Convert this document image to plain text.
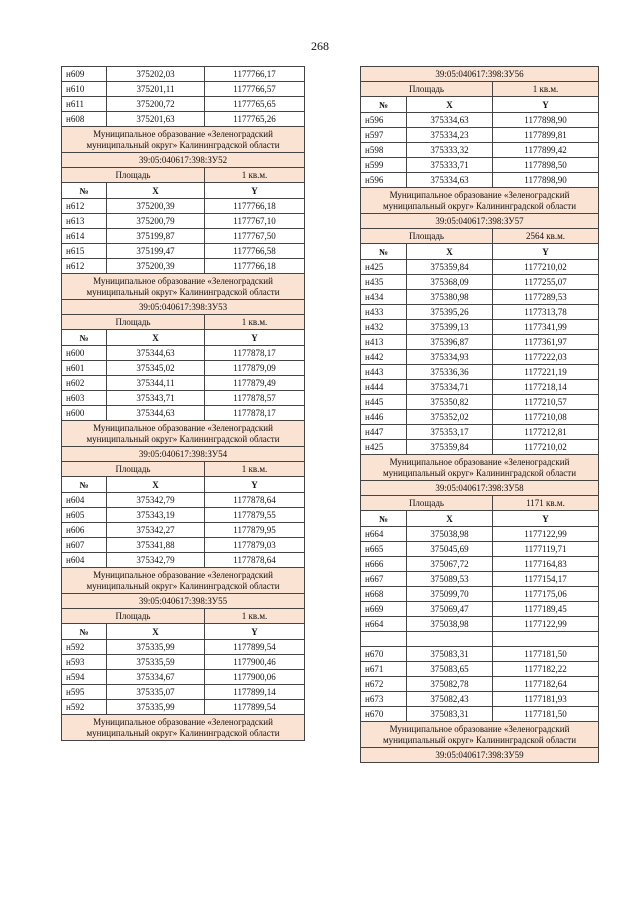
268
н609	375202,03	1177766,17
н610	375201,11	1177766,57
н611	375200,72	1177765,65
н608	375201,63	1177765,26
Муниципальное образование «Зеленоградский муниципальный округ» Калининградской области		
39:05:040617:398:ЗУ52		
Площадь		1 кв.м.
№	X	Y
н612	375200,39	1177766,18
н613	375200,79	1177767,10
н614	375199,87	1177767,50
н615	375199,47	1177766,58
н612	375200,39	1177766,18
Муниципальное образование «Зеленоградский муниципальный округ» Калининградской области		
39:05:040617:398:ЗУ53		
Площадь		1 кв.м.
№	X	Y
н600	375344,63	1177878,17
н601	375345,02	1177879,09
н602	375344,11	1177879,49
н603	375343,71	1177878,57
н600	375344,63	1177878,17
Муниципальное образование «Зеленоградский муниципальный округ» Калининградской области		
39:05:040617:398:ЗУ54		
Площадь		1 кв.м.
№	X	Y
н604	375342,79	1177878,64
н605	375343,19	1177879,55
н606	375342,27	1177879,95
н607	375341,88	1177879,03
н604	375342,79	1177878,64
Муниципальное образование «Зеленоградский муниципальный округ» Калининградской области		
39:05:040617:398:ЗУ55		
Площадь		1 кв.м.
№	X	Y
н592	375335,99	1177899,54
н593	375335,59	1177900,46
н594	375334,67	1177900,06
н595	375335,07	1177899,14
н592	375335,99	1177899,54
Муниципальное образование «Зеленоградский муниципальный округ» Калининградской области		
39:05:040617:398:ЗУ56		
Площадь		1 кв.м.
№	X	Y
н596	375334,63	1177898,90
н597	375334,23	1177899,81
н598	375333,32	1177899,42
н599	375333,71	1177898,50
н596	375334,63	1177898,90
Муниципальное образование «Зеленоградский муниципальный округ» Калининградской области		
39:05:040617:398:ЗУ57		
Площадь		2564 кв.м.
№	X	Y
н425	375359,84	1177210,02
н435	375368,09	1177255,07
н434	375380,98	1177289,53
н433	375395,26	1177313,78
н432	375399,13	1177341,99
н413	375396,87	1177361,97
н442	375334,93	1177222,03
н443	375336,36	1177221,19
н444	375334,71	1177218,14
н445	375350,82	1177210,57
н446	375352,02	1177210,08
н447	375353,17	1177212,81
н425	375359,84	1177210,02
Муниципальное образование «Зеленоградский муниципальный округ» Калининградской области		
39:05:040617:398:ЗУ58		
Площадь		1171 кв.м.
№	X	Y
н664	375038,98	1177122,99
н665	375045,69	1177119,71
н666	375067,72	1177164,83
н667	375089,53	1177154,17
н668	375099,70	1177175,06
н669	375069,47	1177189,45
н664	375038,98	1177122,99

н670	375083,31	1177181,50
н671	375083,65	1177182,22
н672	375082,78	1177182,64
н673	375082,43	1177181,93
н670	375083,31	1177181,50
Муниципальное образование «Зеленоградский муниципальный округ» Калининградской области		
39:05:040617:398:ЗУ59		
